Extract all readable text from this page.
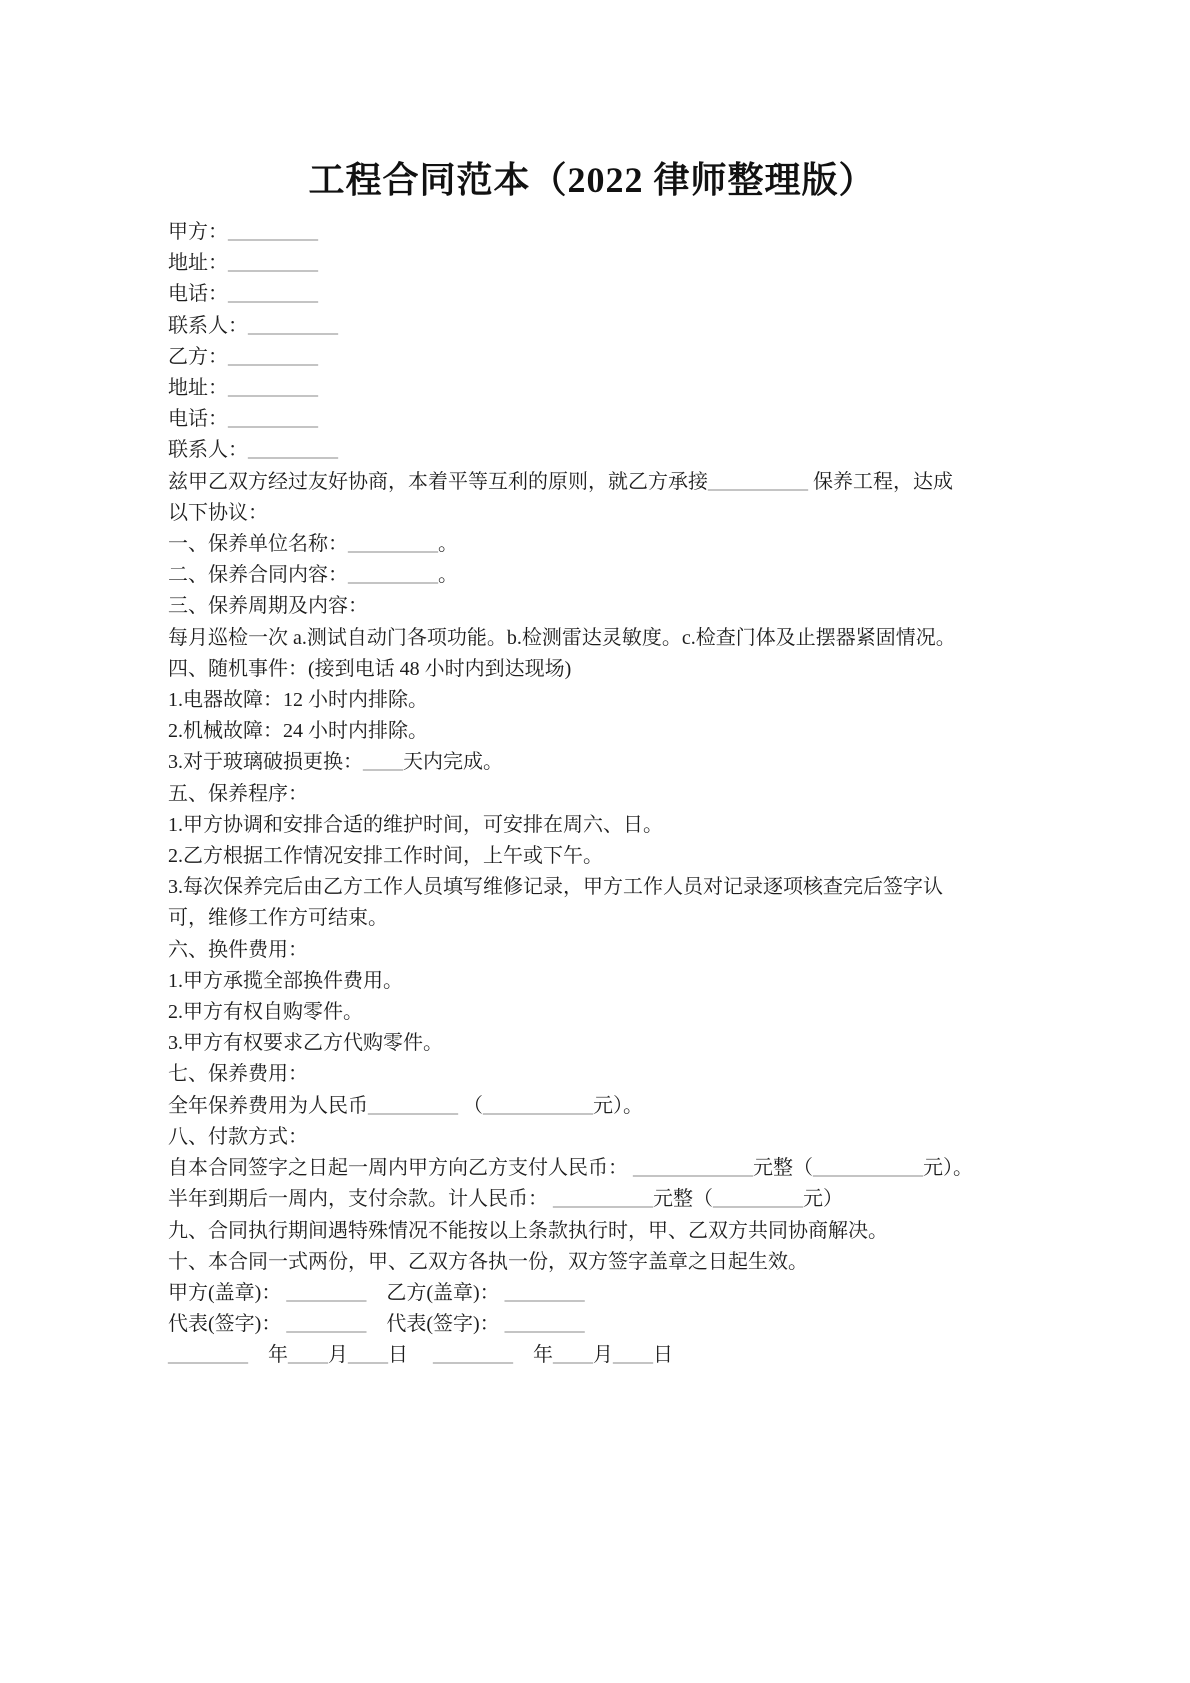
工程合同范本（2022 律师整理版）

甲方：_________

地址：_________

电话：_________

联系人：_________

乙方：_________

地址：_________

电话：_________

联系人：_________

兹甲乙双方经过友好协商，本着平等互利的原则，就乙方承接__________ 保养工程，达成

以下协议：

一、保养单位名称：_________。

二、保养合同内容：_________。

三、保养周期及内容：

每月巡检一次 a.测试自动门各项功能。b.检测雷达灵敏度。c.检查门体及止摆器紧固情况。

四、随机事件：(接到电话 48 小时内到达现场)

1.电器故障：12 小时内排除。

2.机械故障：24 小时内排除。

3.对于玻璃破损更换：____天内完成。

五、保养程序：

1.甲方协调和安排合适的维护时间，可安排在周六、日。

2.乙方根据工作情况安排工作时间，上午或下午。

3.每次保养完后由乙方工作人员填写维修记录，甲方工作人员对记录逐项核查完后签字认

可，维修工作方可结束。

六、换件费用：

1.甲方承揽全部换件费用。

2.甲方有权自购零件。

3.甲方有权要求乙方代购零件。

七、保养费用：

全年保养费用为人民币_________ （___________元）。

八、付款方式：

自本合同签字之日起一周内甲方向乙方支付人民币： ____________元整（___________元）。

半年到期后一周内，支付佘款。计人民币： __________元整（_________元）

九、合同执行期间遇特殊情况不能按以上条款执行时，甲、乙双方共同协商解决。

十、本合同一式两份，甲、乙双方各执一份，双方签字盖章之日起生效。

甲方(盖章)： ________　乙方(盖章)： ________

代表(签字)： ________　代表(签字)： ________

________　年____月____日　 ________　年____月____日
